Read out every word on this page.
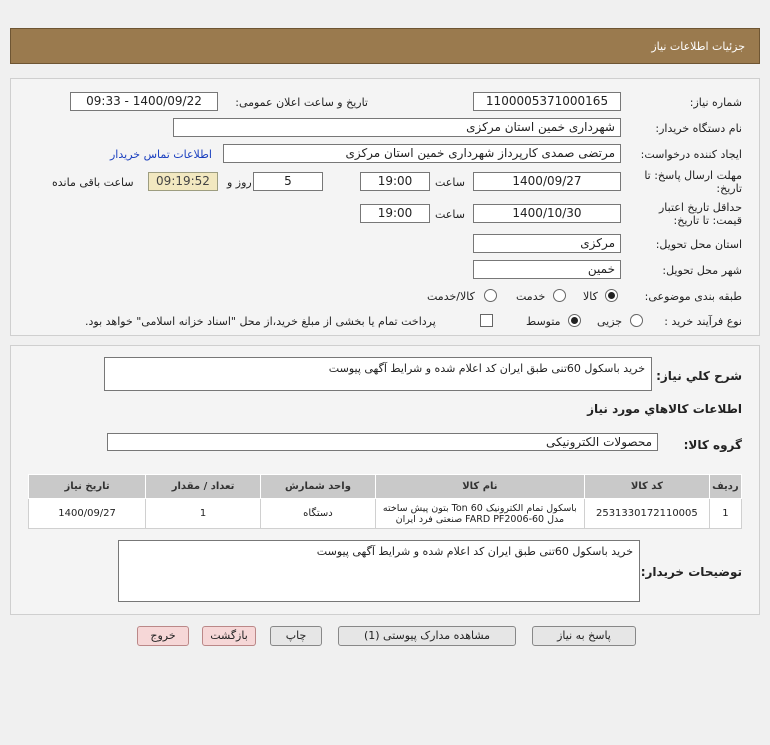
جزئیات اطلاعات نیاز
شماره نیاز:
1100005371000165
تاریخ و ساعت اعلان عمومی:
1400/09/22 - 09:33
نام دستگاه خریدار:
شهرداری خمین استان مرکزی
ایجاد کننده درخواست:
مرتضی صمدی کارپرداز شهرداری خمین استان مرکزی
اطلاعات تماس خریدار
مهلت ارسال پاسخ: تا
تاریخ:
1400/09/27
ساعت
19:00
5
روز و
09:19:52
ساعت باقی مانده
حداقل تاریخ اعتبار
قیمت: تا تاریخ:
1400/10/30
ساعت
19:00
استان محل تحویل:
مرکزی
شهر محل تحویل:
خمین
طبقه بندی موضوعی:
کالا
خدمت
کالا/خدمت
نوع فرآیند خرید :
جزیی
متوسط
پرداخت تمام یا بخشی از مبلغ خرید،از محل "اسناد خزانه اسلامی" خواهد بود.
شرح كلي نياز:
خرید باسکول 60تنی طبق ایران کد اعلام شده و شرایط آگهی پیوست
اطلاعات کالاهاي مورد نياز
گروه کالا:
محصولات الکترونیکی
ردیف	کد کالا	نام کالا	واحد شمارش	تعداد / مقدار	تاریخ نیاز
1	2531330172110005	باسکول تمام الکترونیک 60 Ton بتون پیش ساخته مدل FARD PF2006-60 صنعتی فرد ایران	دستگاه	1	1400/09/27
توضیحات خریدار:
خرید باسکول 60تنی طبق ایران کد اعلام شده و شرایط آگهی پیوست
پاسخ به نیاز
مشاهده مدارک پیوستی (1)
چاپ
بازگشت
خروج
